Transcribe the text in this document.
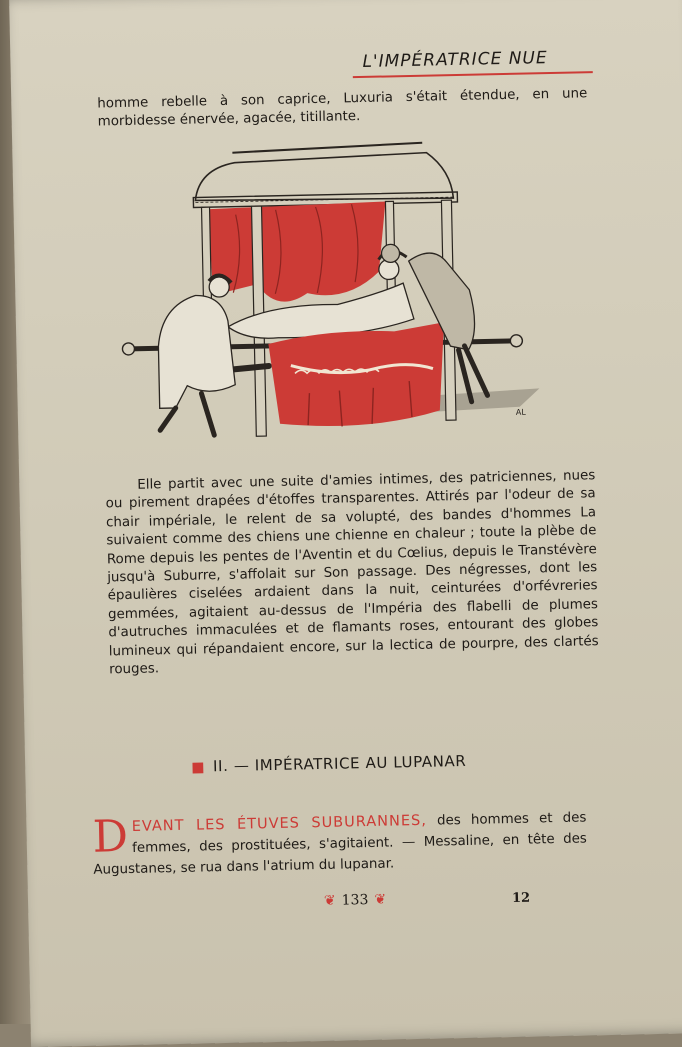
L'IMPÉRATRICE NUE
homme rebelle à son caprice, Luxuria s'était étendue, en une morbidesse énervée, agacée, titillante.
AL
Elle partit avec une suite d'amies intimes, des patriciennes, nues ou pirement drapées d'étoffes transparentes. Attirés par l'odeur de sa chair impériale, le relent de sa volupté, des bandes d'hommes La suivaient comme des chiens une chienne en chaleur ; toute la plèbe de Rome depuis les pentes de l'Aventin et du Cœlius, depuis le Transtévère jusqu'à Suburre, s'affolait sur Son passage. Des négresses, dont les épaulières ciselées ardaient dans la nuit, ceinturées d'orfévreries gemmées, agitaient au-dessus de l'Impéria des flabelli de plumes d'autruches immaculées et de flamants roses, entourant des globes lumineux qui répandaient encore, sur la lectica de pourpre, des clartés rouges.
■ II. — IMPÉRATRICE AU LUPANAR
DEVANT LES ÉTUVES SUBURANNES, des hommes et des femmes, des prostituées, s'agitaient. — Messaline, en tête des Augustanes, se rua dans l'atrium du lupanar.
❦ 133 ❦	12
